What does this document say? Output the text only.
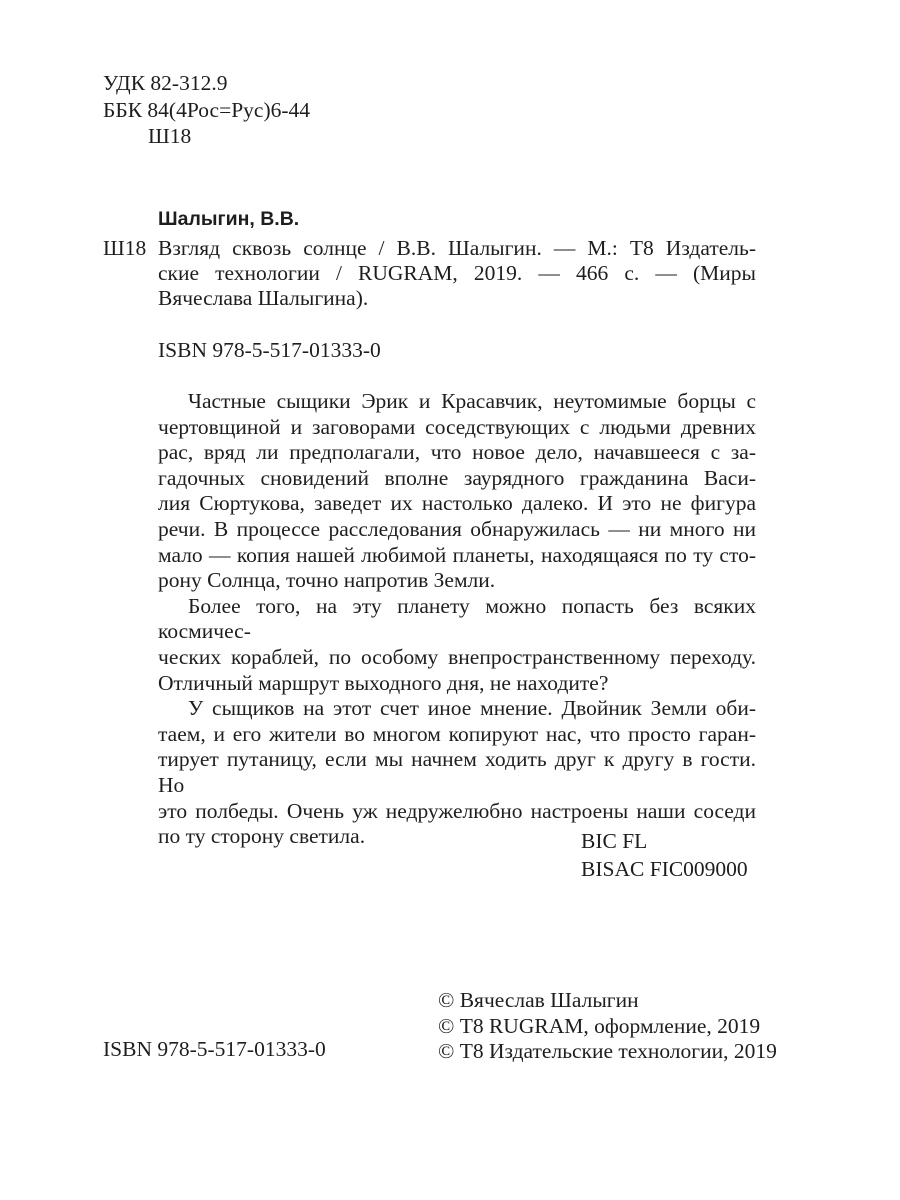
УДК 82-312.9
ББК 84(4Рос=Рус)6-44
Ш18
Шалыгин, В.В.
Ш18 Взгляд сквозь солнце / В.В. Шалыгин. — М.: Т8 Издатель-
ские технологии / RUGRAM, 2019. — 466 с. — (Миры
Вячеслава Шалыгина).
ISBN 978-5-517-01333-0
Частные сыщики Эрик и Красавчик, неутомимые борцы с
чертовщиной и заговорами соседствующих с людьми древних
рас, вряд ли предполагали, что новое дело, начавшееся с за-
гадочных сновидений вполне заурядного гражданина Васи-
лия Сюртукова, заведет их настолько далеко. И это не фигура
речи. В процессе расследования обнаружилась — ни много ни
мало — копия нашей любимой планеты, находящаяся по ту сто-
рону Солнца, точно напротив Земли.
Более того, на эту планету можно попасть без всяких космичес-
ческих кораблей, по особому внепространственному переходу.
Отличный маршрут выходного дня, не находите?
У сыщиков на этот счет иное мнение. Двойник Земли оби-
таем, и его жители во многом копируют нас, что просто гаран-
тирует путаницу, если мы начнем ходить друг к другу в гости. Но
это полбеды. Очень уж недружелюбно настроены наши соседи
по ту сторону светила.	BIC FL
BISAC FIC009000
© Вячеслав Шалыгин
© Т8 RUGRAM, оформление, 2019
© Т8 Издательские технологии, 2019
ISBN 978-5-517-01333-0
